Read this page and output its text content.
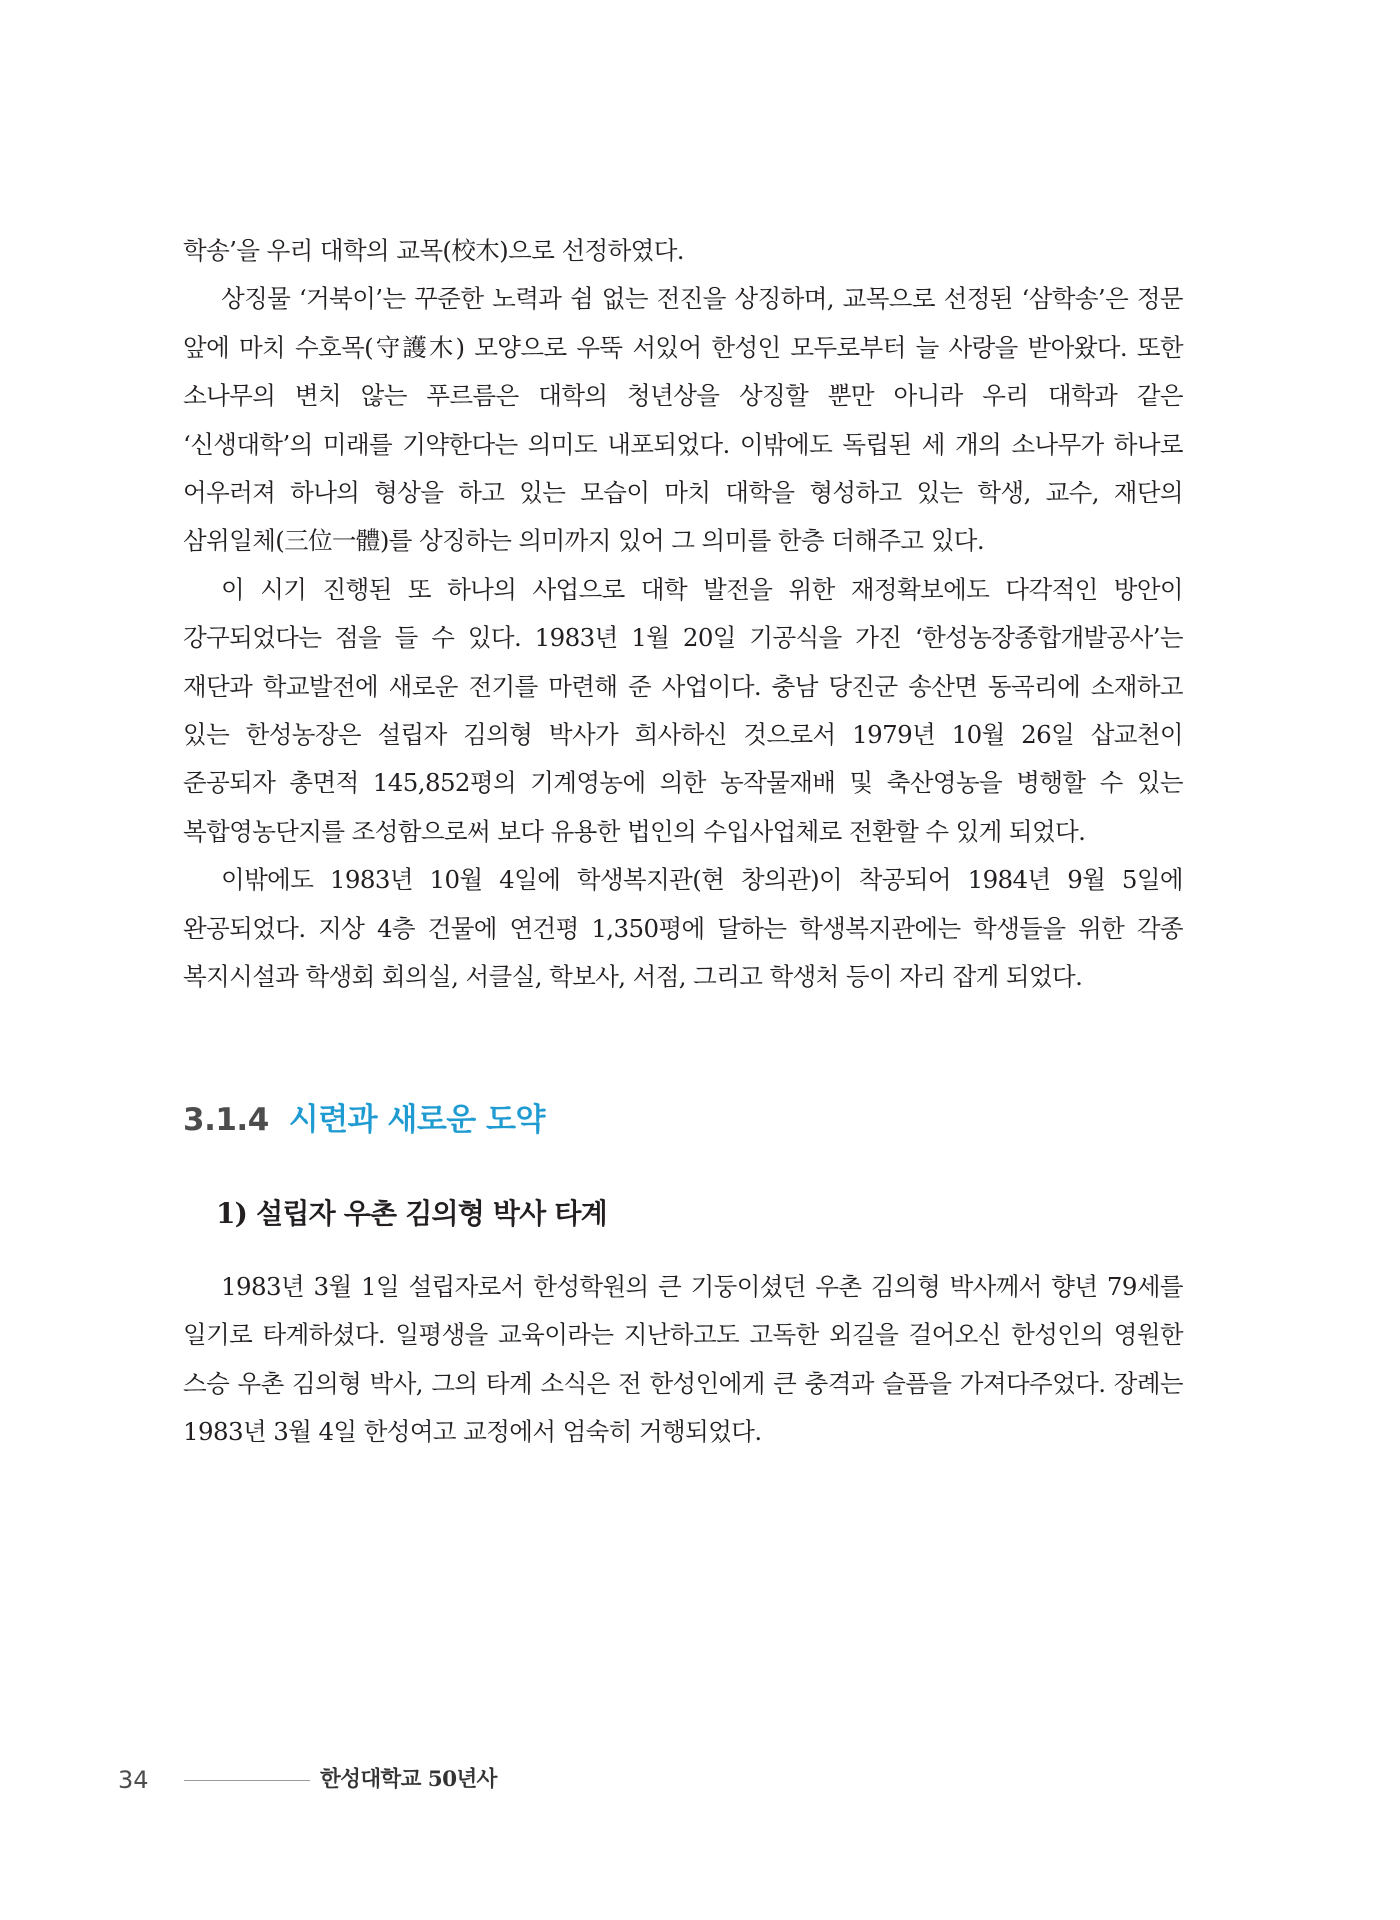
학송’을 우리 대학의 교목(校木)으로 선정하였다.

상징물 ‘거북이’는 꾸준한 노력과 쉼 없는 전진을 상징하며, 교목으로 선정된 ‘삼학송’은 정문 앞에 마치 수호목(守護木) 모양으로 우뚝 서있어 한성인 모두로부터 늘 사랑을 받아왔다. 또한 소나무의 변치 않는 푸르름은 대학의 청년상을 상징할 뿐만 아니라 우리 대학과 같은 ‘신생대학’의 미래를 기약한다는 의미도 내포되었다. 이밖에도 독립된 세 개의 소나무가 하나로 어우러져 하나의 형상을 하고 있는 모습이 마치 대학을 형성하고 있는 학생, 교수, 재단의 삼위일체(三位一體)를 상징하는 의미까지 있어 그 의미를 한층 더해주고 있다.

이 시기 진행된 또 하나의 사업으로 대학 발전을 위한 재정확보에도 다각적인 방안이 강구되었다는 점을 들 수 있다. 1983년 1월 20일 기공식을 가진 ‘한성농장종합개발공사’는 재단과 학교발전에 새로운 전기를 마련해 준 사업이다. 충남 당진군 송산면 동곡리에 소재하고 있는 한성농장은 설립자 김의형 박사가 희사하신 것으로서 1979년 10월 26일 삽교천이 준공되자 총면적 145,852평의 기계영농에 의한 농작물재배 및 축산영농을 병행할 수 있는 복합영농단지를 조성함으로써 보다 유용한 법인의 수입사업체로 전환할 수 있게 되었다.

이밖에도 1983년 10월 4일에 학생복지관(현 창의관)이 착공되어 1984년 9월 5일에 완공되었다. 지상 4층 건물에 연건평 1,350평에 달하는 학생복지관에는 학생들을 위한 각종 복지시설과 학생회 회의실, 서클실, 학보사, 서점, 그리고 학생처 등이 자리 잡게 되었다.

3.1.4 시련과 새로운 도약
1) 설립자 우촌 김의형 박사 타계

1983년 3월 1일 설립자로서 한성학원의 큰 기둥이셨던 우촌 김의형 박사께서 향년 79세를 일기로 타계하셨다. 일평생을 교육이라는 지난하고도 고독한 외길을 걸어오신 한성인의 영원한 스승 우촌 김의형 박사, 그의 타계 소식은 전 한성인에게 큰 충격과 슬픔을 가져다주었다. 장례는 1983년 3월 4일 한성여고 교정에서 엄숙히 거행되었다.

34	한성대학교 50년사
